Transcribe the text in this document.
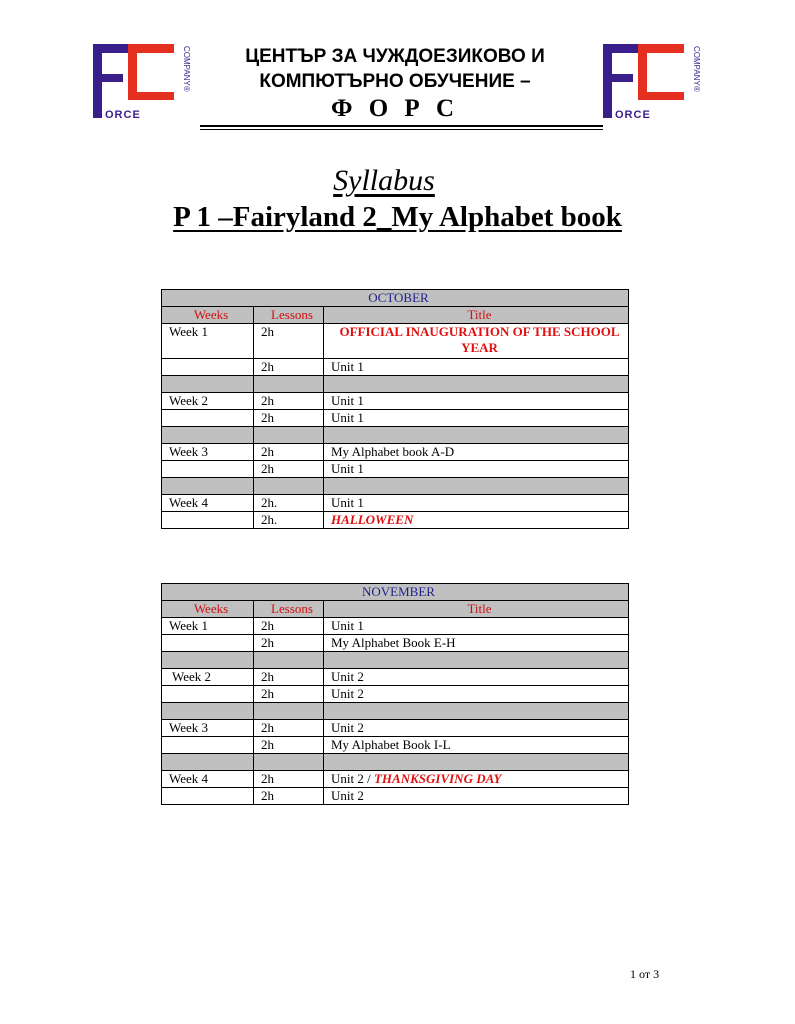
COMPANY®
ORCE
COMPANY®
ORCE
ЦЕНТЪР ЗА ЧУЖДОЕЗИКОВО И
КОМПЮТЪРНО ОБУЧЕНИЕ –
Ф О Р С
Syllabus
P 1 –Fairyland 2_My Alphabet book
OCTOBER		
Weeks	Lessons	Title
Week 1	2h	OFFICIAL INAUGURATION OF THE SCHOOL YEAR
	2h	Unit 1

Week 2	2h	Unit 1
	2h	Unit 1

Week 3	2h	My Alphabet book A-D
	2h	Unit 1

Week 4	2h.	Unit 1
	2h.	HALLOWEEN
NOVEMBER		
Weeks	Lessons	Title
Week 1	2h	Unit 1
	2h	My Alphabet Book E-H

Week 2	2h	Unit 2
	2h	Unit 2

Week 3	2h	Unit 2
	2h	My Alphabet Book I-L

Week 4	2h	Unit 2 / THANKSGIVING DAY
	2h	Unit 2
1 от 3
